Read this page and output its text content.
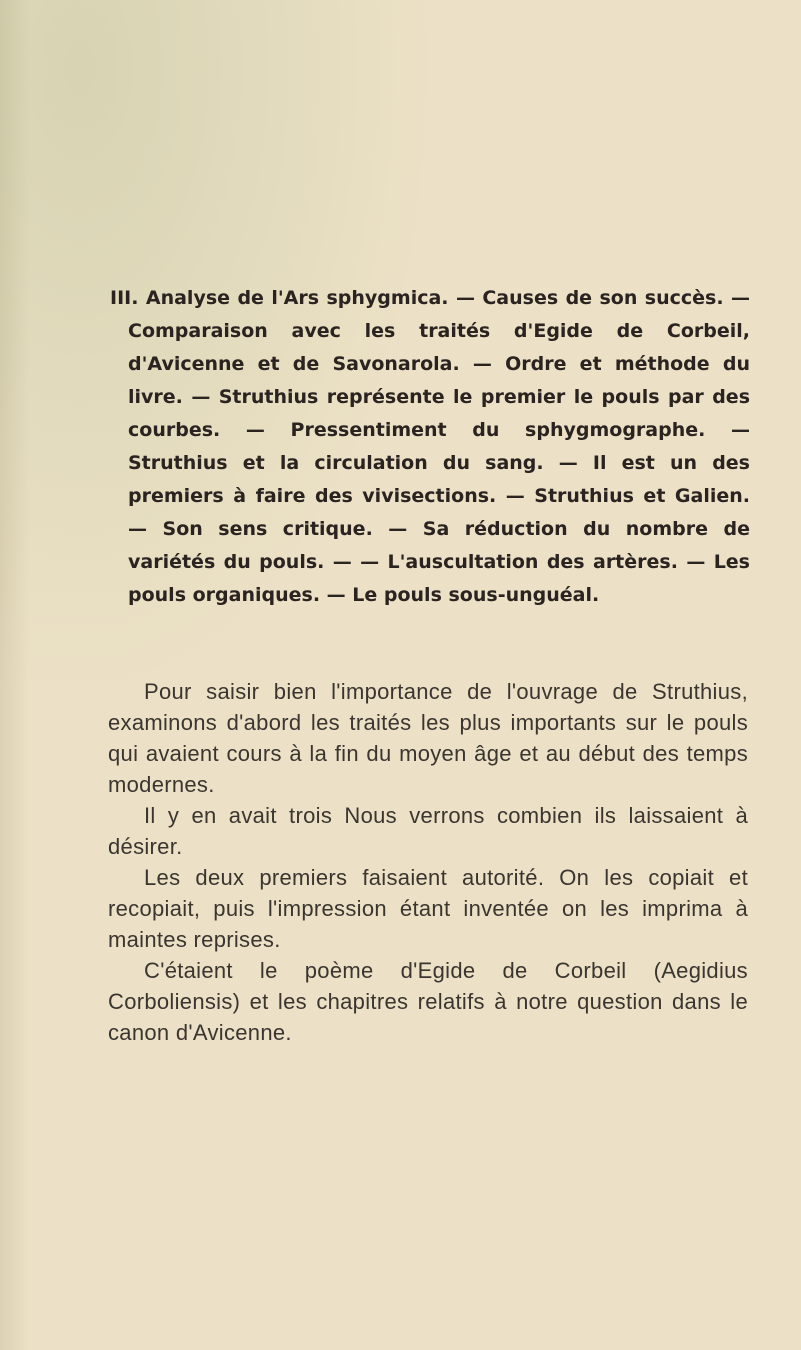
III. Analyse de l'Ars sphygmica. — Causes de son succès. — Comparaison avec les traités d'Egide de Corbeil, d'Avicenne et de Savonarola. — Ordre et méthode du livre. — Struthius représente le premier le pouls par des courbes. — Pressentiment du sphygmographe. — Struthius et la circulation du sang. — Il est un des premiers à faire des vivisections. — Struthius et Galien. — Son sens critique. — Sa réduction du nombre de variétés du pouls. — — L'auscultation des artères. — Les pouls organiques. — Le pouls sous-unguéal.

Pour saisir bien l'importance de l'ouvrage de Struthius, examinons d'abord les traités les plus importants sur le pouls qui avaient cours à la fin du moyen âge et au début des temps modernes.

Il y en avait trois Nous verrons combien ils laissaient à désirer.

Les deux premiers faisaient autorité. On les copiait et recopiait, puis l'impression étant inventée on les imprima à maintes reprises.

C'étaient le poème d'Egide de Corbeil (Aegidius Corboliensis) et les chapitres relatifs à notre question dans le canon d'Avicenne.
